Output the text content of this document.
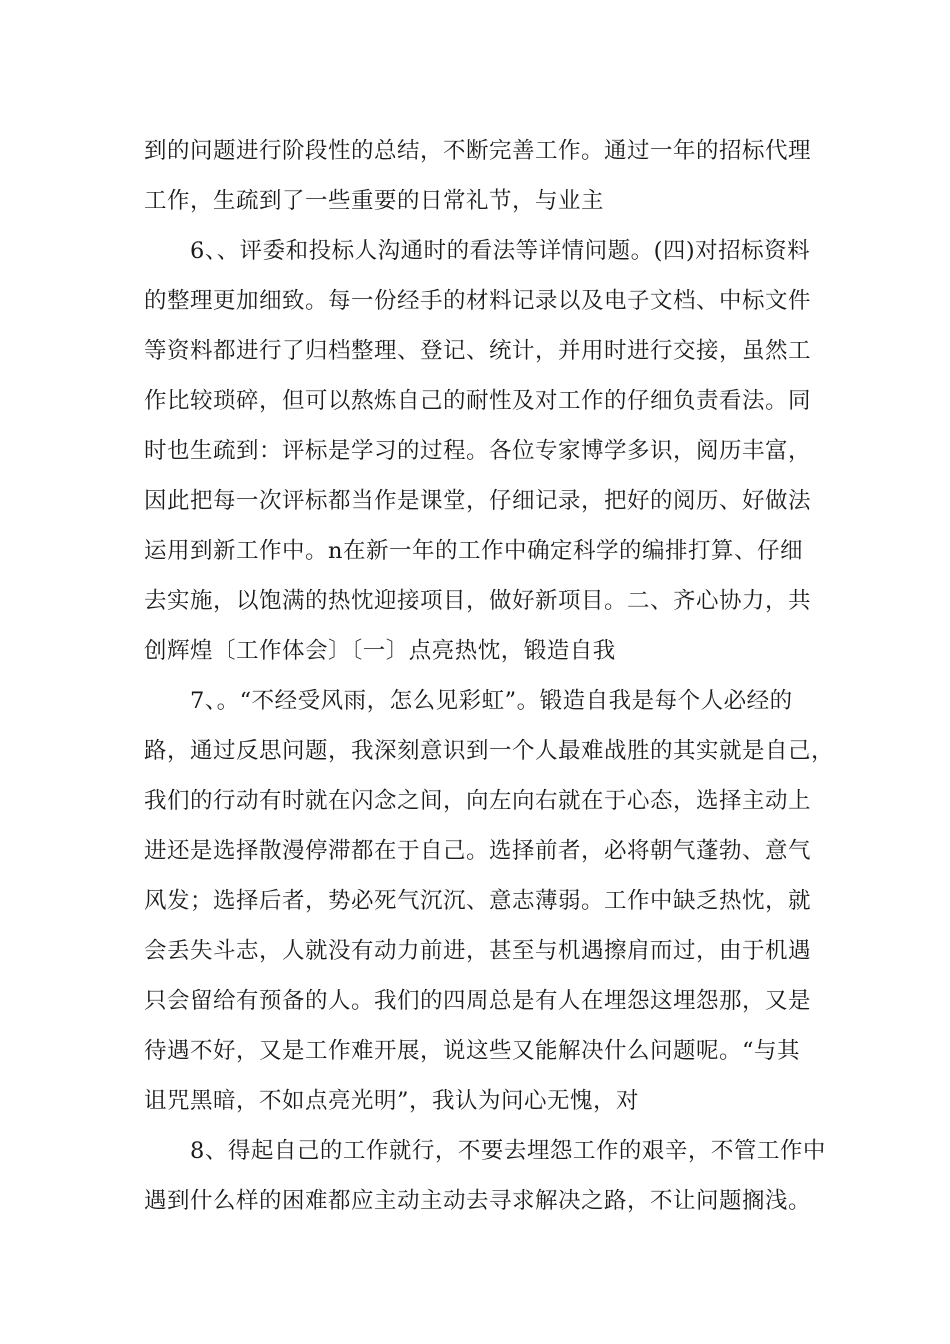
到的问题进行阶段性的总结，不断完善工作。通过一年的招标代理
工作，生疏到了一些重要的日常礼节，与业主
6、、评委和投标人沟通时的看法等详情问题。(四)对招标资料
的整理更加细致。每一份经手的材料记录以及电子文档、中标文件
等资料都进行了归档整理、登记、统计，并用时进行交接，虽然工
作比较琐碎，但可以熬炼自己的耐性及对工作的仔细负责看法。同
时也生疏到：评标是学习的过程。各位专家博学多识，阅历丰富，
因此把每一次评标都当作是课堂，仔细记录，把好的阅历、好做法
运用到新工作中。n在新一年的工作中确定科学的编排打算、仔细
去实施，以饱满的热忱迎接项目，做好新项目。二、齐心协力，共
创辉煌〔工作体会〕〔一〕点亮热忱，锻造自我
7、。“不经受风雨，怎么见彩虹”。锻造自我是每个人必经的
路，通过反思问题，我深刻意识到一个人最难战胜的其实就是自己，
我们的行动有时就在闪念之间，向左向右就在于心态，选择主动上
进还是选择散漫停滞都在于自己。选择前者，必将朝气蓬勃、意气
风发；选择后者，势必死气沉沉、意志薄弱。工作中缺乏热忱，就
会丢失斗志，人就没有动力前进，甚至与机遇擦肩而过，由于机遇
只会留给有预备的人。我们的四周总是有人在埋怨这埋怨那，又是
待遇不好，又是工作难开展，说这些又能解决什么问题呢。“与其
诅咒黑暗，不如点亮光明”，我认为问心无愧，对
8、得起自己的工作就行，不要去埋怨工作的艰辛，不管工作中
遇到什么样的困难都应主动主动去寻求解决之路，不让问题搁浅。
